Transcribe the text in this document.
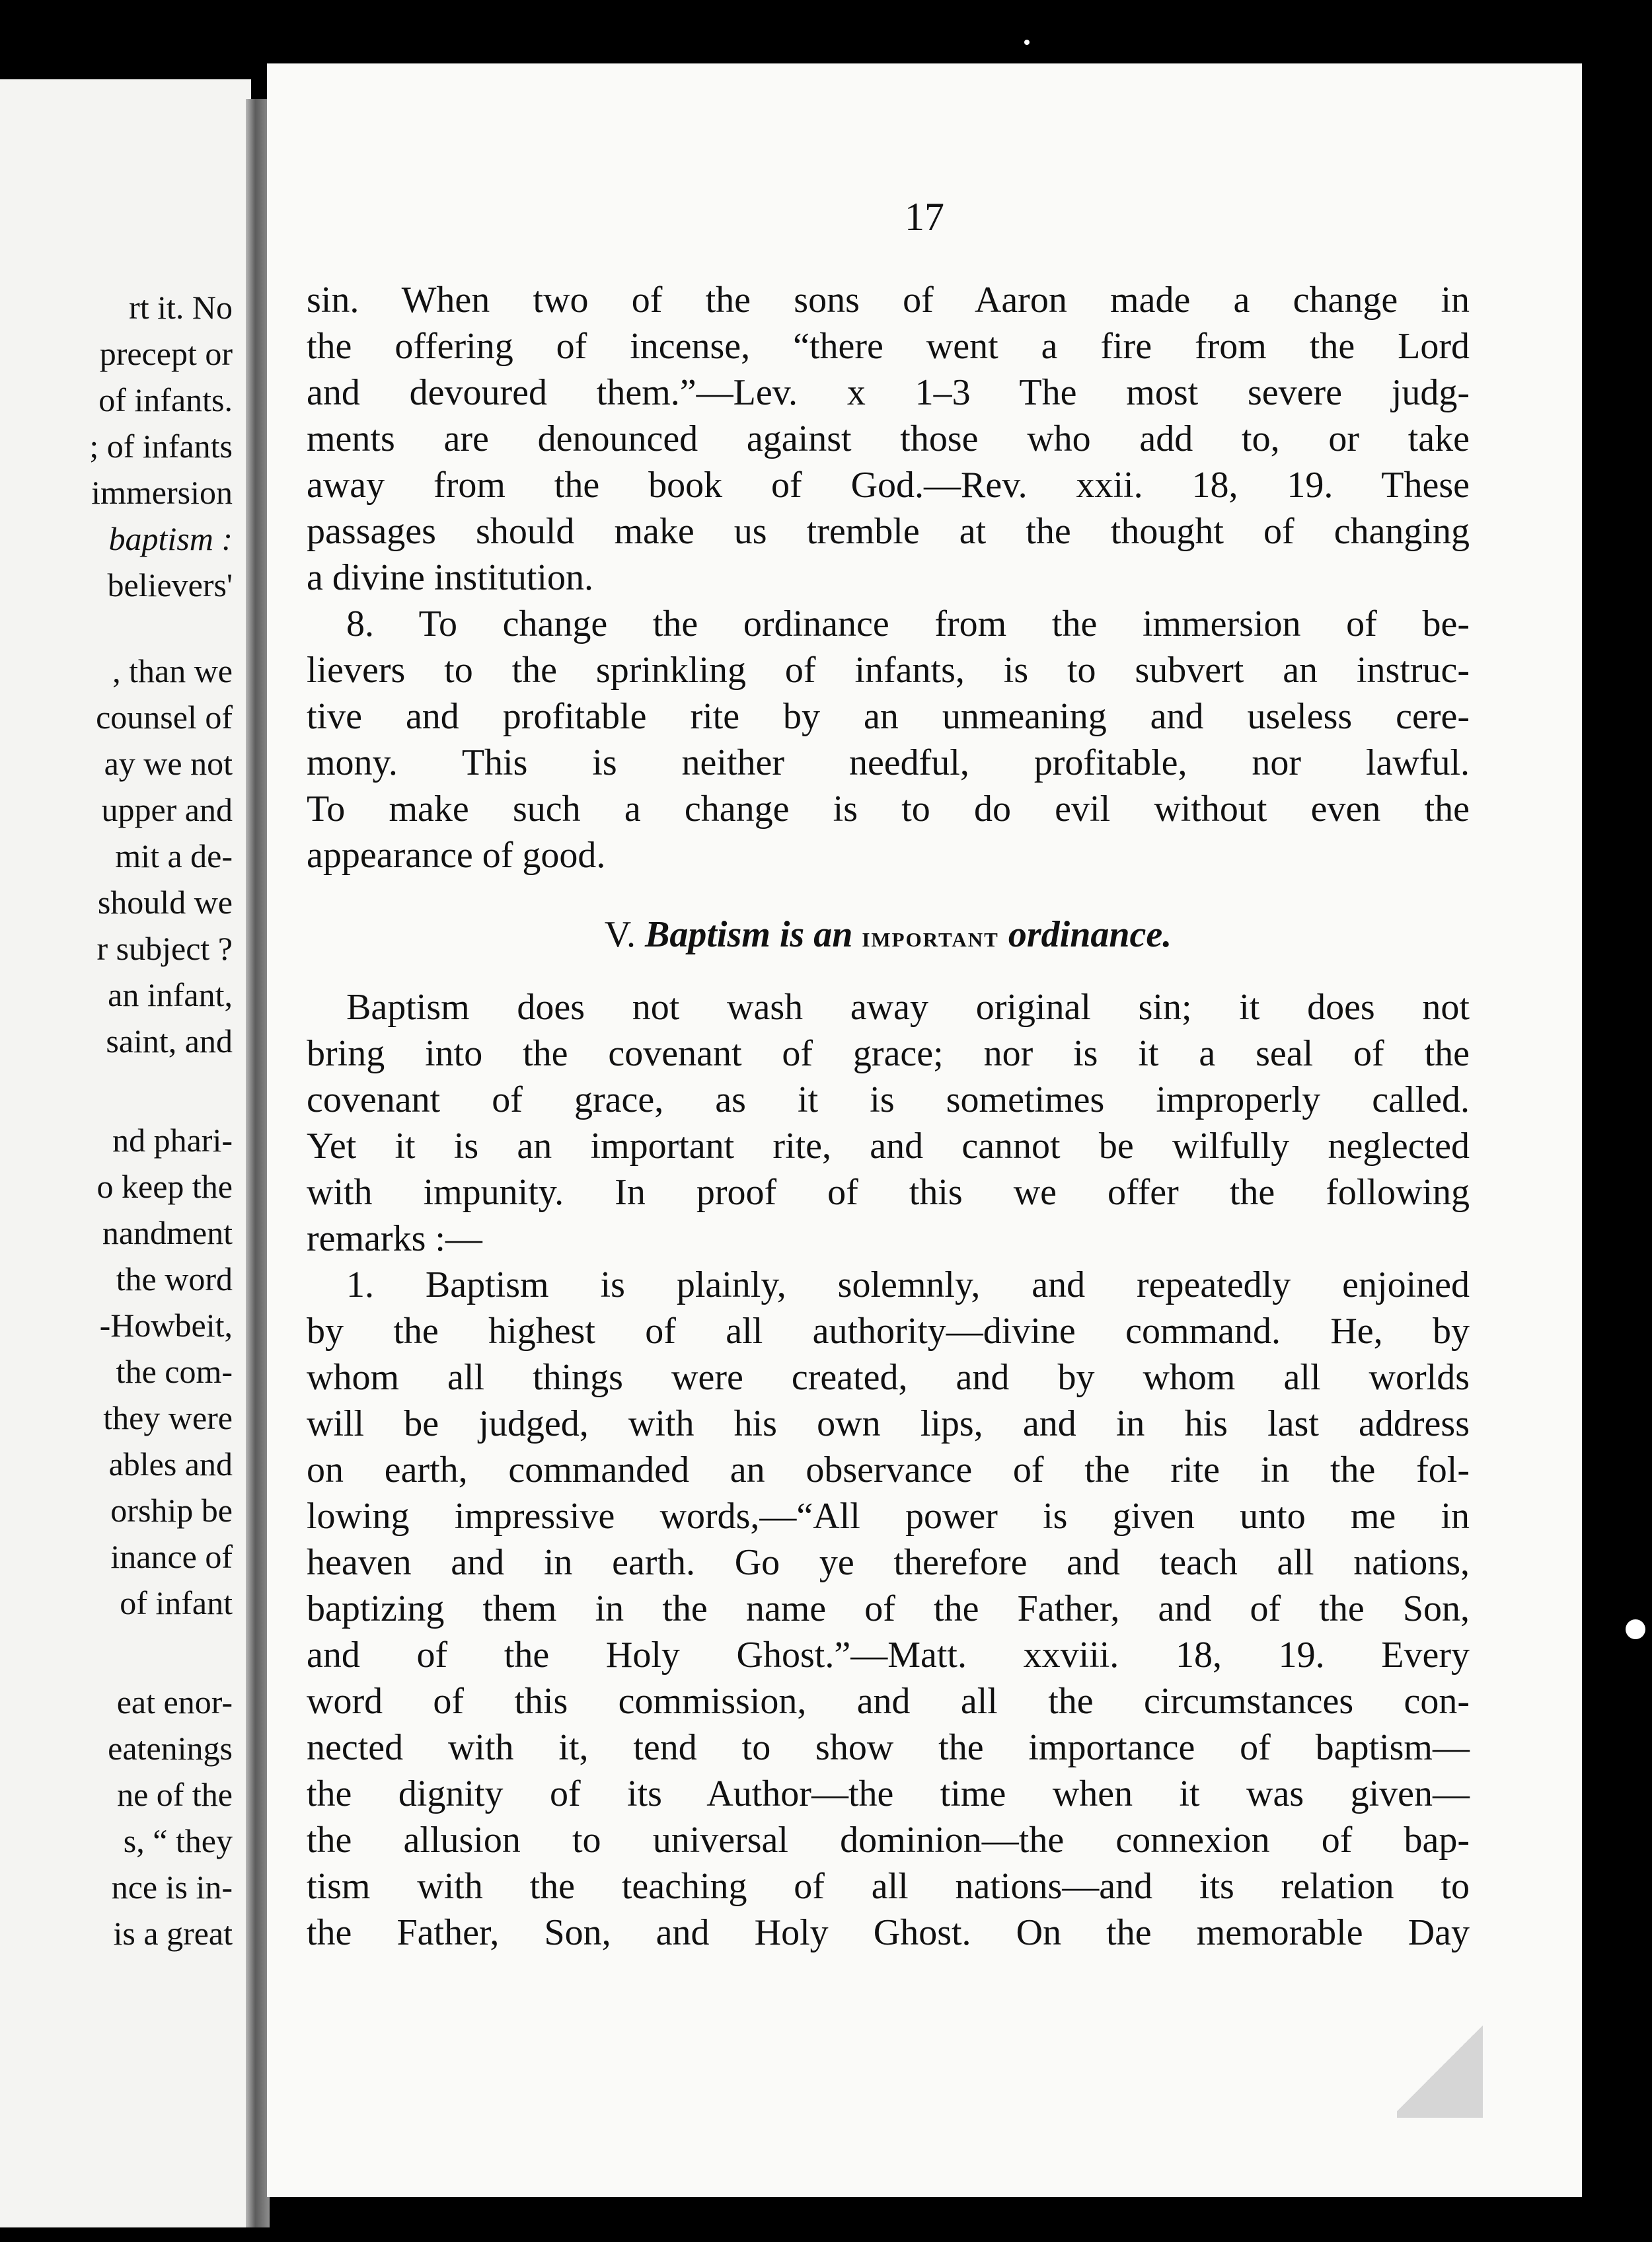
rt it. No
precept or
of infants.
; of infants
immersion
baptism :
believers'
, than we
counsel of
ay we not
upper and
mit a de-
should we
r subject ?
an infant,
saint, and
nd phari-
o keep the
nandment
the word
-Howbeit,
the com-
they were
ables and
orship be
inance of
of infant
eat enor-
eatenings
ne of the
s, “ they
nce is in-
is a great
17
sin. When two of the sons of Aaron made a change in
the offering of incense, “there went a fire from the Lord
and devoured them.”—Lev. x 1–3 The most severe judg-
ments are denounced against those who add to, or take
away from the book of God.—Rev. xxii. 18, 19. These
passages should make us tremble at the thought of changing
a divine institution.
8. To change the ordinance from the immersion of be-
lievers to the sprinkling of infants, is to subvert an instruc-
tive and profitable rite by an unmeaning and useless cere-
mony. This is neither needful, profitable, nor lawful.
To make such a change is to do evil without even the
appearance of good.
V. Baptism is an important ordinance.
Baptism does not wash away original sin; it does not
bring into the covenant of grace; nor is it a seal of the
covenant of grace, as it is sometimes improperly called.
Yet it is an important rite, and cannot be wilfully neglected
with impunity. In proof of this we offer the following
remarks :—
1. Baptism is plainly, solemnly, and repeatedly enjoined
by the highest of all authority—divine command. He, by
whom all things were created, and by whom all worlds
will be judged, with his own lips, and in his last address
on earth, commanded an observance of the rite in the fol-
lowing impressive words,—“All power is given unto me in
heaven and in earth. Go ye therefore and teach all nations,
baptizing them in the name of the Father, and of the Son,
and of the Holy Ghost.”—Matt. xxviii. 18, 19. Every
word of this commission, and all the circumstances con-
nected with it, tend to show the importance of baptism—
the dignity of its Author—the time when it was given—
the allusion to universal dominion—the connexion of bap-
tism with the teaching of all nations—and its relation to
the Father, Son, and Holy Ghost. On the memorable Day
